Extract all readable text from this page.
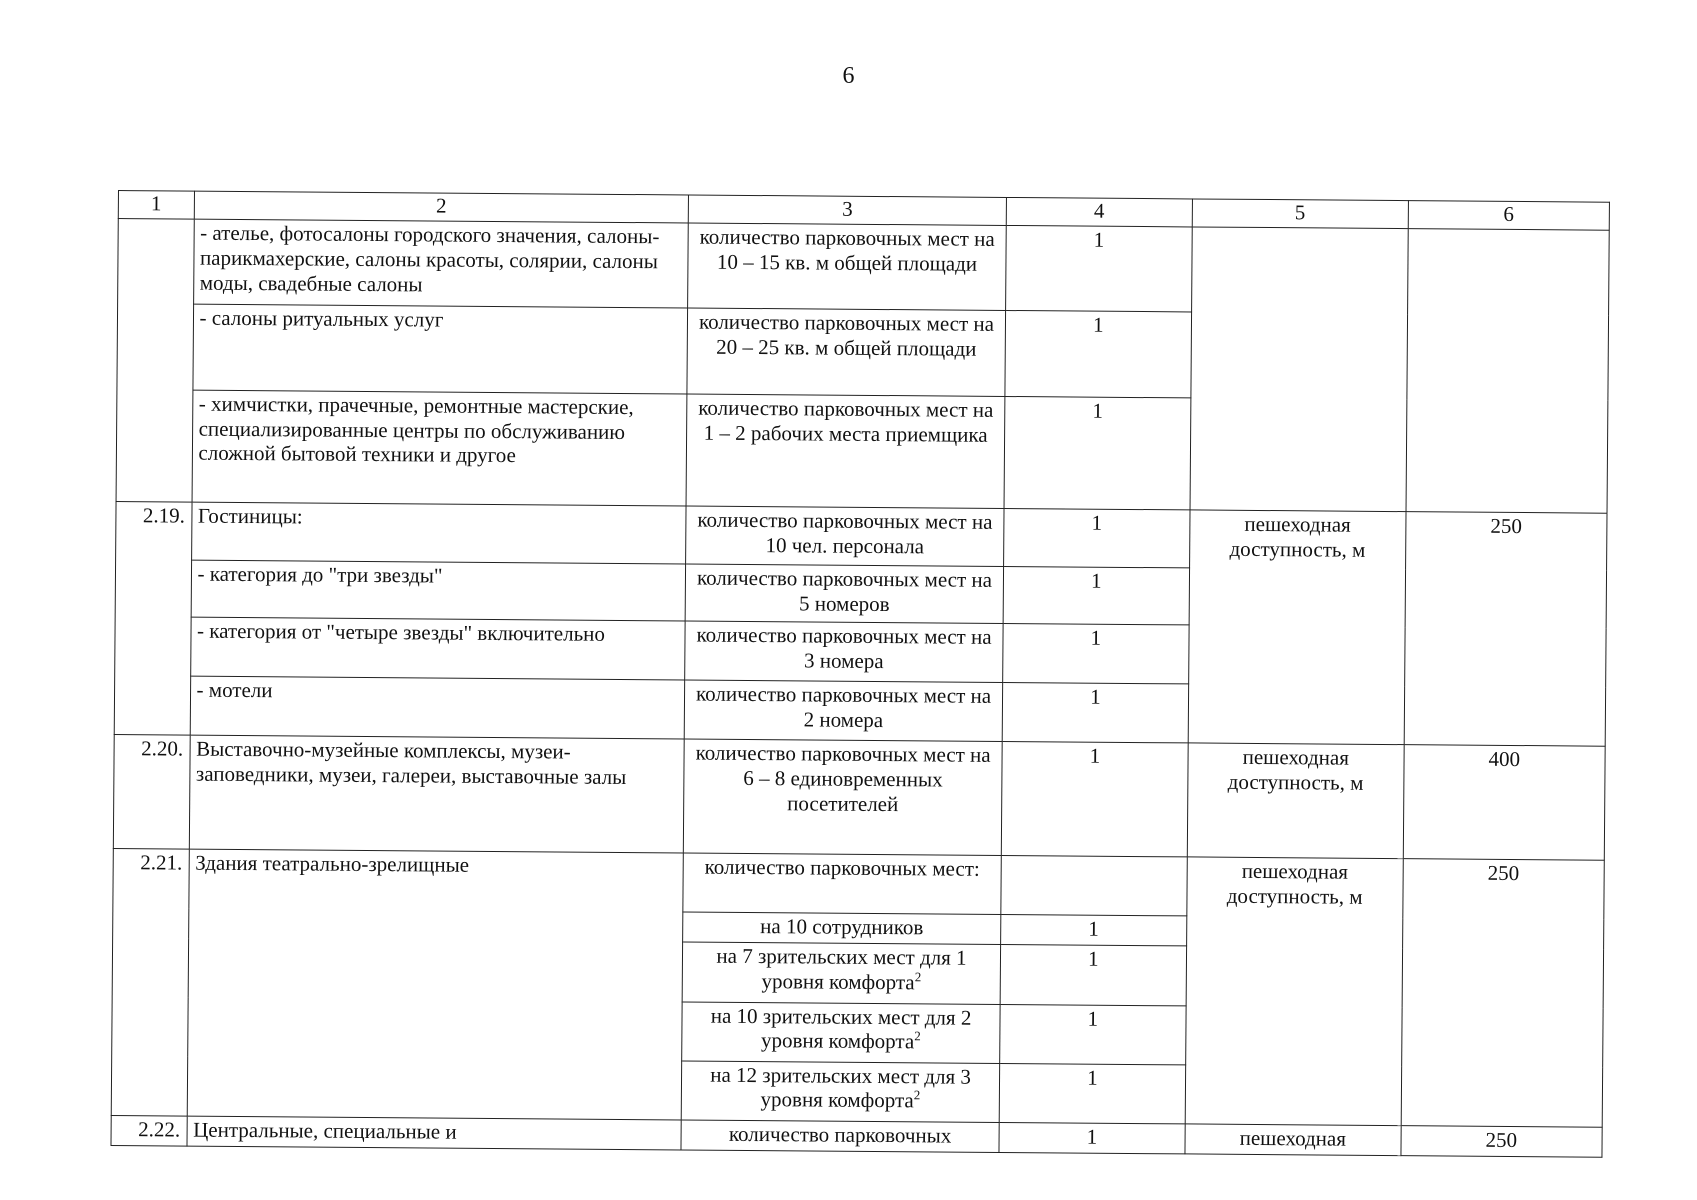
6
1	2	3	4	5	6
	- ателье, фотосалоны городского значения, салоны-парикмахерские, салоны красоты, солярии, салоны моды, свадебные салоны	количество парковочных мест на 10 – 15 кв. м общей площади	1		
	- салоны ритуальных услуг	количество парковочных мест на 20 – 25 кв. м общей площади	1		
	- химчистки, прачечные, ремонтные мастерские, специализированные центры по обслуживанию сложной бытовой техники и другое	количество парковочных мест на 1 – 2 рабочих места приемщика	1		
2.19.	Гостиницы:	количество парковочных мест на 10 чел. персонала	1	пешеходная доступность, м	250
	- категория до "три звезды"	количество парковочных мест на 5 номеров	1		
	- категория от "четыре звезды" включительно	количество парковочных мест на 3 номера	1		
	- мотели	количество парковочных мест на 2 номера	1		
2.20.	Выставочно-музейные комплексы, музеи-заповедники, музеи, галереи, выставочные залы	количество парковочных мест на 6 – 8 единовременных посетителей	1	пешеходная доступность, м	400
2.21.	Здания театрально-зрелищные	количество парковочных мест:		пешеходная доступность, м	250
		на 10 сотрудников	1		
		на 7 зрительских мест для 1 уровня комфорта$^2$	1		
		на 10 зрительских мест для 2 уровня комфорта$^2$	1		
		на 12 зрительских мест для 3 уровня комфорта$^2$	1		
2.22.	Центральные, специальные и	количество парковочных	1	пешеходная	250
